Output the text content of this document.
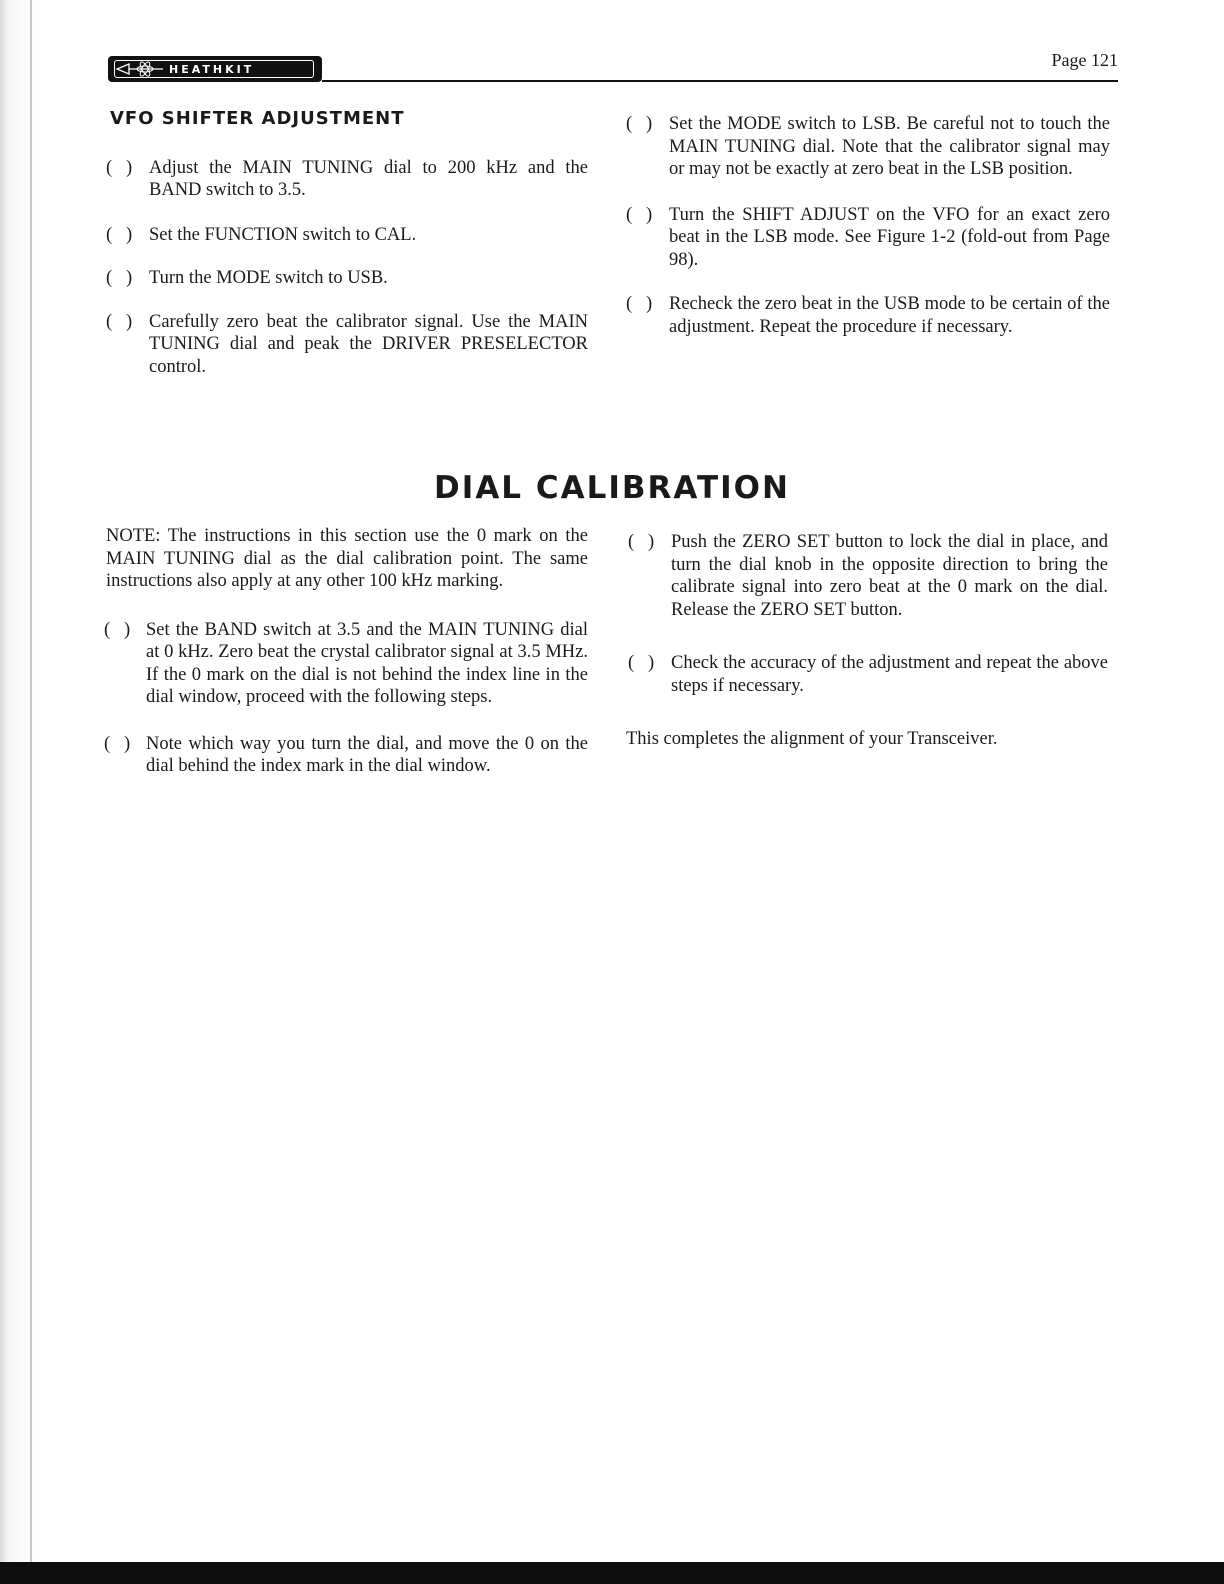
HEATHKIT	Page 121
VFO SHIFTER ADJUSTMENT
(   ) Adjust the MAIN TUNING dial to 200 kHz and the BAND switch to 3.5.
(   ) Set the FUNCTION switch to CAL.
(   ) Turn the MODE switch to USB.
(   ) Carefully zero beat the calibrator signal. Use the MAIN TUNING dial and peak the DRIVER PRESELECTOR control.
(   ) Set the MODE switch to LSB. Be careful not to touch the MAIN TUNING dial. Note that the calibrator signal may or may not be exactly at zero beat in the LSB position.
(   ) Turn the SHIFT ADJUST on the VFO for an exact zero beat in the LSB mode. See Figure 1-2 (fold-out from Page 98).
(   ) Recheck the zero beat in the USB mode to be certain of the adjustment. Repeat the procedure if necessary.
DIAL CALIBRATION
NOTE: The instructions in this section use the 0 mark on the MAIN TUNING dial as the dial calibration point. The same instructions also apply at any other 100 kHz marking.
(   ) Set the BAND switch at 3.5 and the MAIN TUNING dial at 0 kHz. Zero beat the crystal calibrator signal at 3.5 MHz. If the 0 mark on the dial is not behind the index line in the dial window, proceed with the following steps.
(   ) Note which way you turn the dial, and move the 0 on the dial behind the index mark in the dial window.
(   ) Push the ZERO SET button to lock the dial in place, and turn the dial knob in the opposite direction to bring the calibrate signal into zero beat at the 0 mark on the dial. Release the ZERO SET button.
(   ) Check the accuracy of the adjustment and repeat the above steps if necessary.
This completes the alignment of your Transceiver.
